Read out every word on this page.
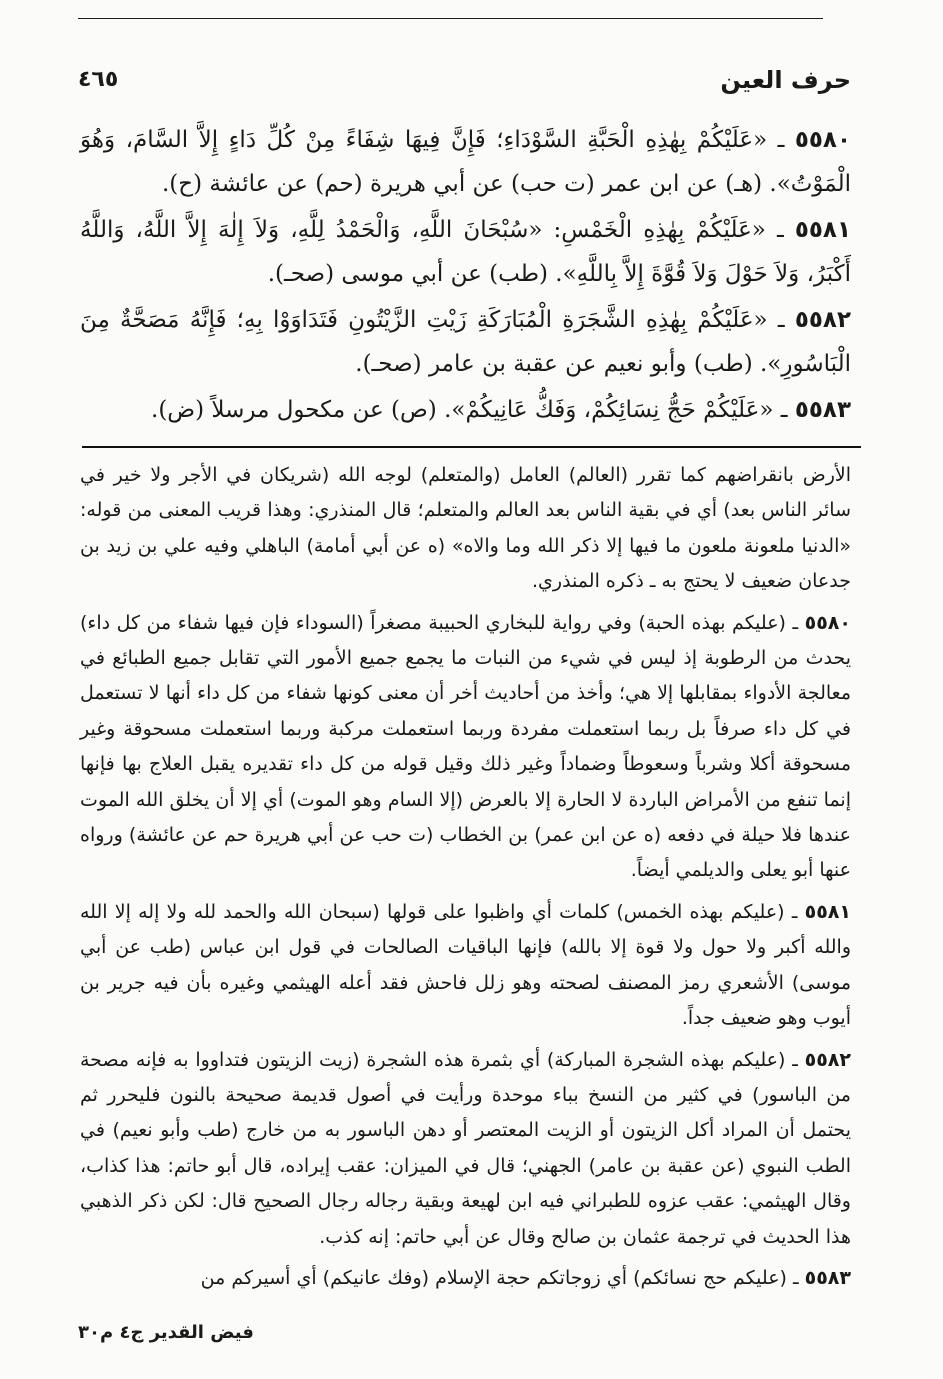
حرف العين
٤٦٥

٥٥٨٠ ـ «عَلَيْكُمْ بِهٰذِهِ الْحَبَّةِ السَّوْدَاءِ؛ فَإِنَّ فِيهَا شِفَاءً مِنْ كُلِّ دَاءٍ إِلاَّ السَّامَ، وَهُوَ الْمَوْتُ». (هـ) عن ابن عمر (ت حب) عن أبي هريرة (حم) عن عائشة (ح).

٥٥٨١ ـ «عَلَيْكُمْ بِهٰذِهِ الْخَمْسِ: «سُبْحَانَ اللَّهِ، وَالْحَمْدُ لِلَّهِ، وَلاَ إِلٰهَ إِلاَّ اللَّهُ، وَاللَّهُ أَكْبَرُ، وَلاَ حَوْلَ وَلاَ قُوَّةَ إِلاَّ بِاللَّهِ». (طب) عن أبي موسى (صحـ).

٥٥٨٢ ـ «عَلَيْكُمْ بِهٰذِهِ الشَّجَرَةِ الْمُبَارَكَةِ زَيْتِ الزَّيْتُونِ فَتَدَاوَوْا بِهِ؛ فَإِنَّهُ مَصَحَّةٌ مِنَ الْبَاسُورِ». (طب) وأبو نعيم عن عقبة بن عامر (صحـ).

٥٥٨٣ ـ «عَلَيْكُمْ حَجُّ نِسَائِكُمْ، وَفَكُّ عَانِيكُمْ». (ص) عن مكحول مرسلاً (ض).

الأرض بانقراضهم كما تقرر (العالم) العامل (والمتعلم) لوجه الله (شريكان في الأجر ولا خير في سائر الناس بعد) أي في بقية الناس بعد العالم والمتعلم؛ قال المنذري: وهذا قريب المعنى من قوله: «الدنيا ملعونة ملعون ما فيها إلا ذكر الله وما والاه» (ه عن أبي أمامة) الباهلي وفيه علي بن زيد بن جدعان ضعيف لا يحتج به ـ ذكره المنذري.

٥٥٨٠ ـ (عليكم بهذه الحبة) وفي رواية للبخاري الحبيبة مصغراً (السوداء فإن فيها شفاء من كل داء) يحدث من الرطوبة إذ ليس في شيء من النبات ما يجمع جميع الأمور التي تقابل جميع الطبائع في معالجة الأدواء بمقابلها إلا هي؛ وأخذ من أحاديث أخر أن معنى كونها شفاء من كل داء أنها لا تستعمل في كل داء صرفاً بل ربما استعملت مفردة وربما استعملت مركبة وربما استعملت مسحوقة وغير مسحوقة أكلا وشرباً وسعوطاً وضماداً وغير ذلك وقيل قوله من كل داء تقديره يقبل العلاج بها فإنها إنما تنفع من الأمراض الباردة لا الحارة إلا بالعرض (إلا السام وهو الموت) أي إلا أن يخلق الله الموت عندها فلا حيلة في دفعه (ه عن ابن عمر) بن الخطاب (ت حب عن أبي هريرة حم عن عائشة) ورواه عنها أبو يعلى والديلمي أيضاً.

٥٥٨١ ـ (عليكم بهذه الخمس) كلمات أي واظبوا على قولها (سبحان الله والحمد لله ولا إله إلا الله والله أكبر ولا حول ولا قوة إلا بالله) فإنها الباقيات الصالحات في قول ابن عباس (طب عن أبي موسى) الأشعري رمز المصنف لصحته وهو زلل فاحش فقد أعله الهيثمي وغيره بأن فيه جرير بن أيوب وهو ضعيف جداً.

٥٥٨٢ ـ (عليكم بهذه الشجرة المباركة) أي بثمرة هذه الشجرة (زيت الزيتون فتداووا به فإنه مصحة من الباسور) في كثير من النسخ بباء موحدة ورأيت في أصول قديمة صحيحة بالنون فليحرر ثم يحتمل أن المراد أكل الزيتون أو الزيت المعتصر أو دهن الباسور به من خارج (طب وأبو نعيم) في الطب النبوي (عن عقبة بن عامر) الجهني؛ قال في الميزان: عقب إيراده، قال أبو حاتم: هذا كذاب، وقال الهيثمي: عقب عزوه للطبراني فيه ابن لهيعة وبقية رجاله رجال الصحيح قال: لكن ذكر الذهبي هذا الحديث في ترجمة عثمان بن صالح وقال عن أبي حاتم: إنه كذب.

٥٥٨٣ ـ (عليكم حج نسائكم) أي زوجاتكم حجة الإسلام (وفك عانيكم) أي أسيركم من

فيض القدير ج٤ م٣٠
